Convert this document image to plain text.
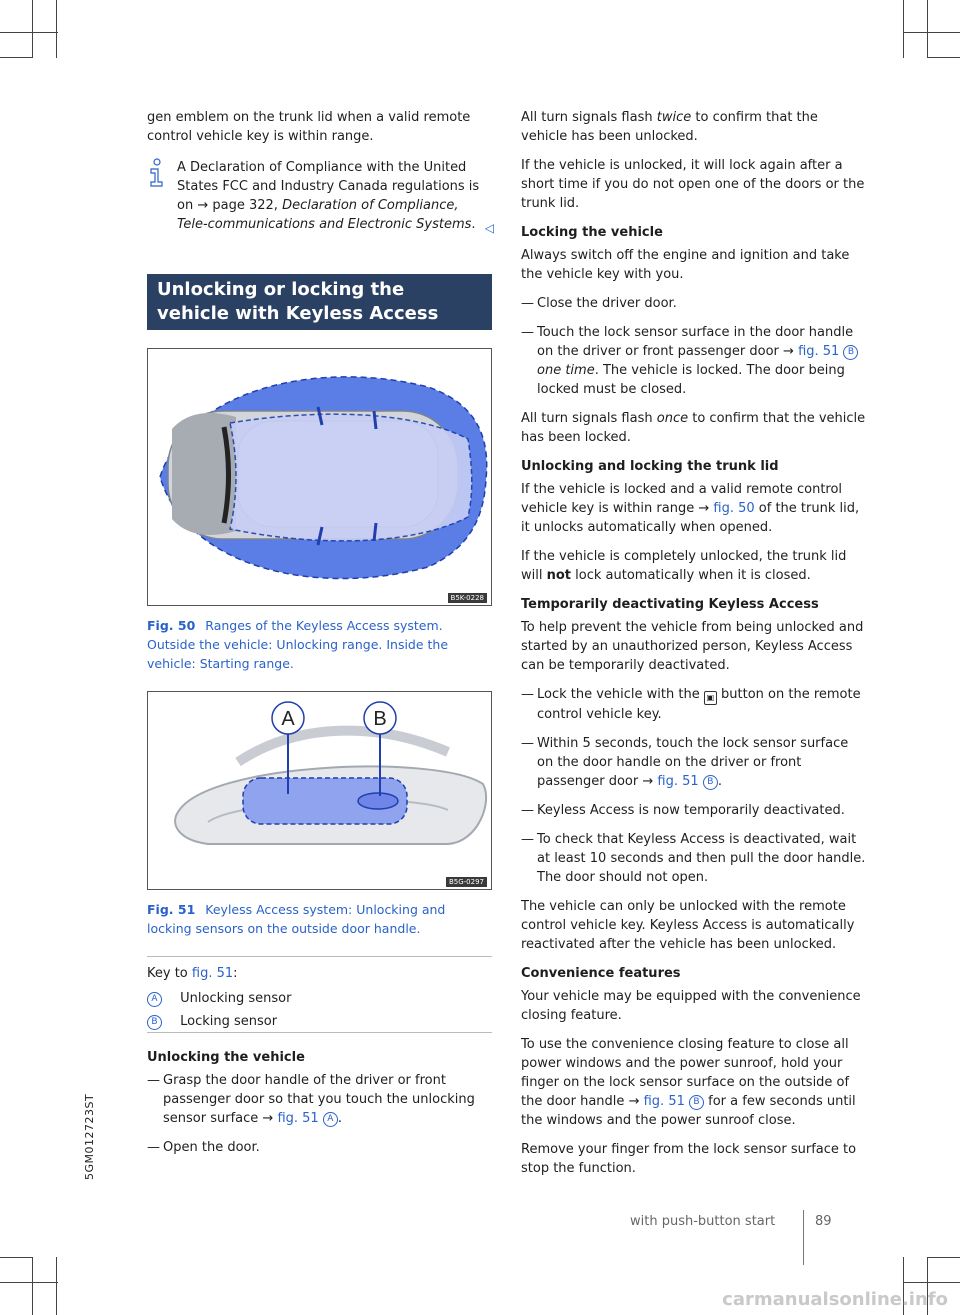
gen emblem on the trunk lid when a valid remote control vehicle key is within range.

A Declaration of Compliance with the United States FCC and Industry Canada regulations is on → page 322, Declaration of Compliance, Tele-communications and Electronic Systems. ◁
Unlocking or locking the vehicle with Keyless Access
B5K-0228
Fig. 50 Ranges of the Keyless Access system. Outside the vehicle: Unlocking range. Inside the vehicle: Starting range.
A	B
B5G-0297
Fig. 51 Keyless Access system: Unlocking and locking sensors on the outside door handle.
Key to fig. 51:
A Unlocking sensor
B Locking sensor

Unlocking the vehicle

— Grasp the door handle of the driver or front passenger door so that you touch the unlocking sensor surface → fig. 51 A .
— Open the door.

All turn signals flash twice to confirm that the vehicle has been unlocked.

If the vehicle is unlocked, it will lock again after a short time if you do not open one of the doors or the trunk lid.

Locking the vehicle

Always switch off the engine and ignition and take the vehicle key with you.

— Close the driver door.
— Touch the lock sensor surface in the door handle on the driver or front passenger door → fig. 51 B one time. The vehicle is locked. The door being locked must be closed.

All turn signals flash once to confirm that the vehicle has been locked.

Unlocking and locking the trunk lid

If the vehicle is locked and a valid remote control vehicle key is within range → fig. 50 of the trunk lid, it unlocks automatically when opened.

If the vehicle is completely unlocked, the trunk lid will not lock automatically when it is closed.

Temporarily deactivating Keyless Access

To help prevent the vehicle from being unlocked and started by an unauthorized person, Keyless Access can be temporarily deactivated.

— Lock the vehicle with the ▣ button on the remote control vehicle key.
— Within 5 seconds, touch the lock sensor surface on the door handle on the driver or front passenger door → fig. 51 B .
— Keyless Access is now temporarily deactivated.
— To check that Keyless Access is deactivated, wait at least 10 seconds and then pull the door handle. The door should not open.

The vehicle can only be unlocked with the remote control vehicle key. Keyless Access is automatically reactivated after the vehicle has been unlocked.

Convenience features

Your vehicle may be equipped with the convenience closing feature.

To use the convenience closing feature to close all power windows and the power sunroof, hold your finger on the lock sensor surface on the outside of the door handle → fig. 51 B for a few seconds until the windows and the power sunroof close.

Remove your finger from the lock sensor surface to stop the function.

with push-button start	89
5GM012723ST
carmanualsonline.info
